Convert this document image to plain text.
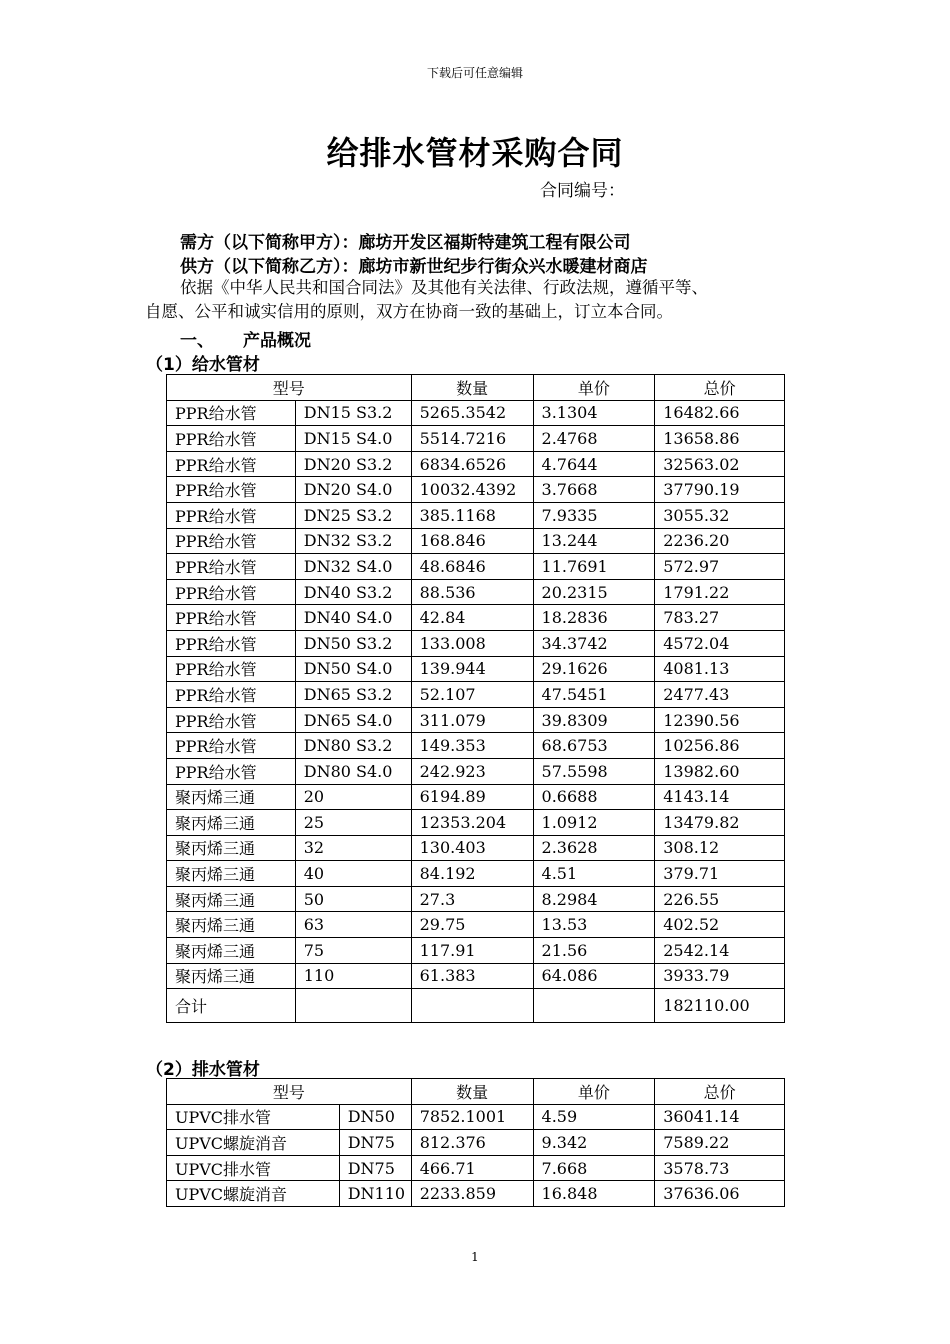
下载后可任意编辑
给排水管材采购合同
合同编号：
需方（以下简称甲方）：廊坊开发区福斯特建筑工程有限公司
供方（以下简称乙方）：廊坊市新世纪步行街众兴水暖建材商店
依据《中华人民共和国合同法》及其他有关法律、行政法规，遵循平等、
自愿、公平和诚实信用的原则，双方在协商一致的基础上，订立本合同。
一、 产品概况
（1）给水管材
型号		数量	单价	总价
PPR给水管	DN15 S3.2	5265.3542	3.1304	16482.66
PPR给水管	DN15 S4.0	5514.7216	2.4768	13658.86
PPR给水管	DN20 S3.2	6834.6526	4.7644	32563.02
PPR给水管	DN20 S4.0	10032.4392	3.7668	37790.19
PPR给水管	DN25 S3.2	385.1168	7.9335	3055.32
PPR给水管	DN32 S3.2	168.846	13.244	2236.20
PPR给水管	DN32 S4.0	48.6846	11.7691	572.97
PPR给水管	DN40 S3.2	88.536	20.2315	1791.22
PPR给水管	DN40 S4.0	42.84	18.2836	783.27
PPR给水管	DN50 S3.2	133.008	34.3742	4572.04
PPR给水管	DN50 S4.0	139.944	29.1626	4081.13
PPR给水管	DN65 S3.2	52.107	47.5451	2477.43
PPR给水管	DN65 S4.0	311.079	39.8309	12390.56
PPR给水管	DN80 S3.2	149.353	68.6753	10256.86
PPR给水管	DN80 S4.0	242.923	57.5598	13982.60
聚丙烯三通	20	6194.89	0.6688	4143.14
聚丙烯三通	25	12353.204	1.0912	13479.82
聚丙烯三通	32	130.403	2.3628	308.12
聚丙烯三通	40	84.192	4.51	379.71
聚丙烯三通	50	27.3	8.2984	226.55
聚丙烯三通	63	29.75	13.53	402.52
聚丙烯三通	75	117.91	21.56	2542.14
聚丙烯三通	110	61.383	64.086	3933.79
合计				182110.00
（2）排水管材
型号		数量	单价	总价
UPVC排水管	DN50	7852.1001	4.59	36041.14
UPVC螺旋消音	DN75	812.376	9.342	7589.22
UPVC排水管	DN75	466.71	7.668	3578.73
UPVC螺旋消音	DN110	2233.859	16.848	37636.06
1
